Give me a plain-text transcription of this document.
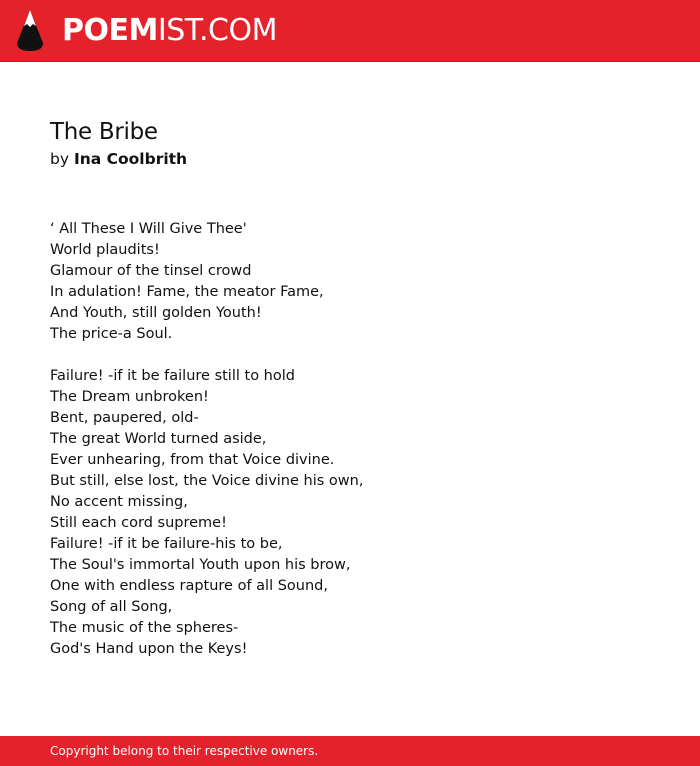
POEMIST.COM
The Bribe
by Ina Coolbrith
‘ All These I Will Give Thee'
World plaudits!
Glamour of the tinsel crowd
In adulation! Fame, the meator Fame,
And Youth, still golden Youth!
The price-a Soul.
Failure! -if it be failure still to hold
The Dream unbroken!
Bent, paupered, old-
The great World turned aside,
Ever unhearing, from that Voice divine.
But still, else lost, the Voice divine his own,
No accent missing,
Still each cord supreme!
Failure! -if it be failure-his to be,
The Soul's immortal Youth upon his brow,
One with endless rapture of all Sound,
Song of all Song,
The music of the spheres-
God's Hand upon the Keys!
Copyright belong to their respective owners.
